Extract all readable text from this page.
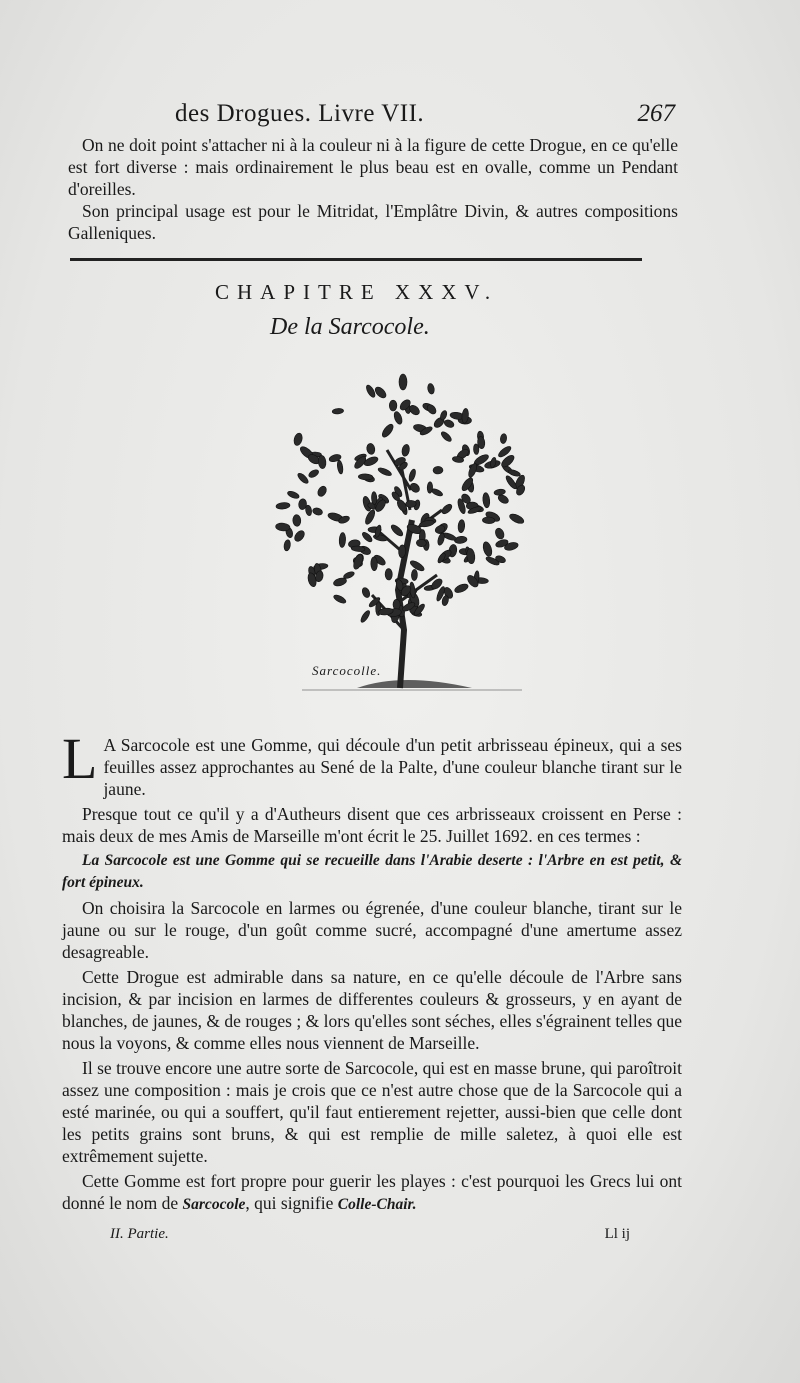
des Drogues. Livre VII.	267

On ne doit point s'attacher ni à la couleur ni à la figure de cette Drogue, en ce qu'elle est fort diverse : mais ordinairement le plus beau est en ovalle, comme un Pendant d'oreilles.

Son principal usage est pour le Mitridat, l'Emplâtre Divin, & autres compositions Galleniques.

CHAPITRE XXXV.
De la Sarcocole.
Sarcocolle.

L A Sarcocole est une Gomme, qui découle d'un petit arbrisseau épineux, qui a ses feuilles assez approchantes au Sené de la Palte, d'une couleur blanche tirant sur le jaune.

Presque tout ce qu'il y a d'Autheurs disent que ces arbrisseaux croissent en Perse : mais deux de mes Amis de Marseille m'ont écrit le 25. Juillet 1692. en ces termes :

La Sarcocole est une Gomme qui se recueille dans l'Arabie deserte : l'Arbre en est petit, & fort épineux.

On choisira la Sarcocole en larmes ou égrenée, d'une couleur blanche, tirant sur le jaune ou sur le rouge, d'un goût comme sucré, accompagné d'une amertume assez desagreable.

Cette Drogue est admirable dans sa nature, en ce qu'elle découle de l'Arbre sans incision, & par incision en larmes de differentes couleurs & grosseurs, y en ayant de blanches, de jaunes, & de rouges ; & lors qu'elles sont séches, elles s'égrainent telles que nous la voyons, & comme elles nous viennent de Marseille.

Il se trouve encore une autre sorte de Sarcocole, qui est en masse brune, qui paroîtroit assez une composition : mais je crois que ce n'est autre chose que de la Sarcocole qui a esté marinée, ou qui a souffert, qu'il faut entierement rejetter, aussi-bien que celle dont les petits grains sont bruns, & qui est remplie de mille saletez, à quoi elle est extrêmement sujette.

Cette Gomme est fort propre pour guerir les playes : c'est pourquoi les Grecs lui ont donné le nom de Sarcocole, qui signifie Colle-Chair.

II. Partie.	Ll ij
